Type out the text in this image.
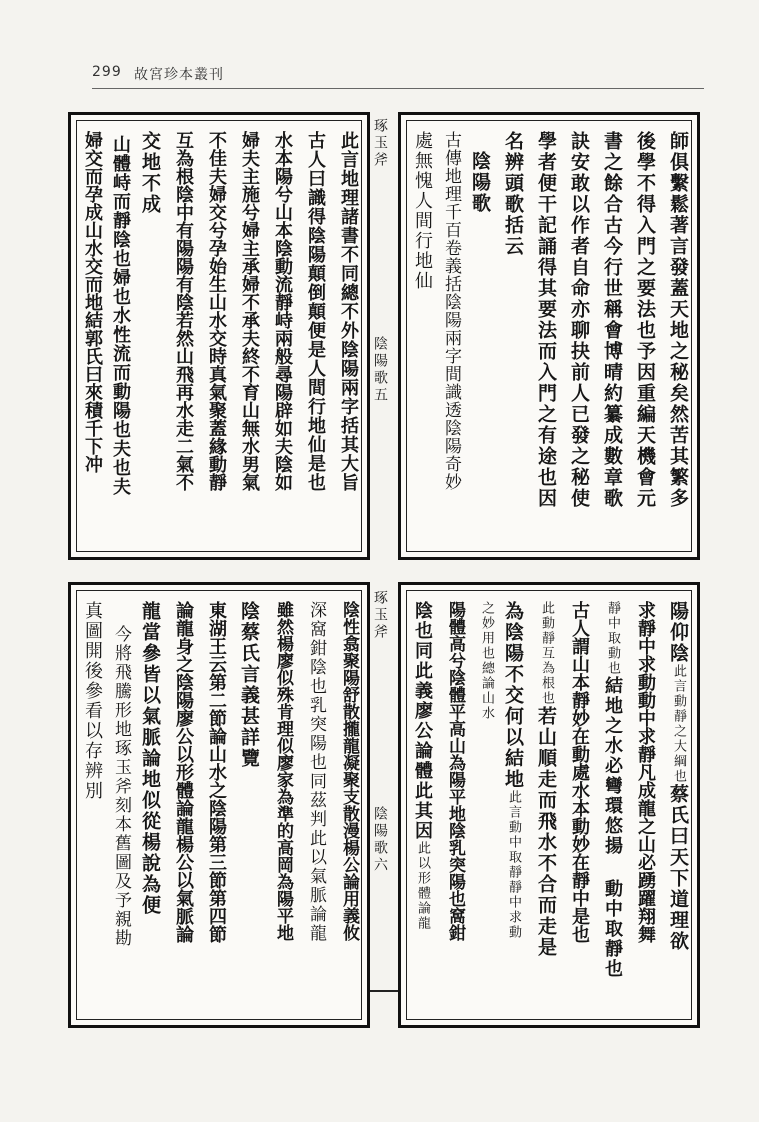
299 故宮珍本叢刊
師俱繫鬆著言發蓋天地之秘矣然苦其繁多
後學不得入門之要法也予因重編天機會元
書之餘合古今行世稱會博晴約纂成數章歌
訣安敢以作者自命亦聊抉前人已發之秘使
學者便干記誦得其要法而入門之有途也因
名辨頭歌括云
陰陽歌
古傳地理千百卷義括陰陽兩字間識透陰陽奇妙
處無愧人間行地仙
琢玉斧
陰陽歌五
此言地理諸書不同總不外陰陽兩字括其大旨
古人曰識得陰陽顛倒顛便是人間行地仙是也
水本陽兮山本陰動流靜峙兩般尋陽辟如夫陰如
婦夫主施兮婦主承婦不承夫終不育山無水男氣
不佳夫婦交兮孕始生山水交時真氣聚蓋緣動靜
互為根陰中有陽陽有陰若然山飛再水走二氣不
交地不成
山體峙而靜陰也婦也水性流而動陽也夫也夫
婦交而孕成山水交而地結郭氏曰來積千下冲
陽仰陰此言動靜之大綱也蔡氏曰天下道理欲
求靜中求動動中求靜凡成龍之山必踴躍翔舞
靜中取動也結地之水必彎環悠揚 動中取靜也
古人謂山本靜妙在動處水本動妙在靜中是也
此動靜互為根也若山順走而飛水不合而走是
為陰陽不交何以結地此言動中取靜靜中求動
之妙用也總論山水
陽體高兮陰體平高山為陽平地陰乳突陽也窩鉗
陰也同此義廖公論體此其因此以形體論龍
琢玉斧
陰陽歌六
陰性翕聚陽舒散攏龍凝聚支散漫楊公論用義攸
深窩鉗陰也乳突陽也同茲判此以氣脈論龍
雖然楊廖似殊肯理似廖家為準的高岡為陽平地
陰蔡氏言義甚詳覽
東湖王云第二節論山水之陰陽第三節第四節
論龍身之陰陽廖公以形體論龍楊公以氣脈論
龍當參皆以氣脈論地似從楊說為便
今將飛騰形地琢玉斧刻本舊圖及予親勘
真圖開後參看以存辨別
